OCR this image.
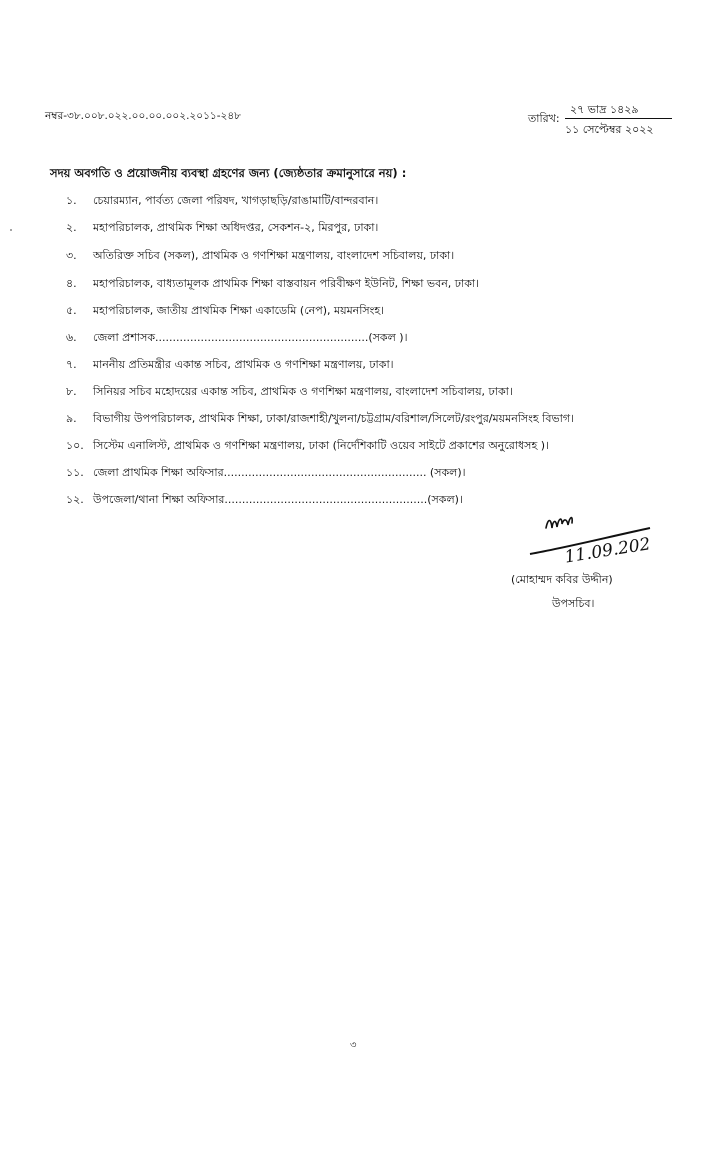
নম্বর-৩৮.০০৮.০২২.০০.০০.০০২.২০১১-২৪৮	তারিখ:
২৭ ভাদ্র ১৪২৯
১১ সেপ্টেম্বর ২০২২
সদয় অবগতি ও প্রয়োজনীয় ব্যবস্থা গ্রহণের জন্য (জ্যেষ্ঠতার ক্রমানুসারে নয়) :
১. চেয়ারম্যান, পার্বত্য জেলা পরিষদ, খাগড়াছড়ি/রাঙামাটি/বান্দরবান।
২. মহাপরিচালক, প্রাথমিক শিক্ষা অধিদপ্তর, সেকশন-২, মিরপুর, ঢাকা।
৩. অতিরিক্ত সচিব (সকল), প্রাথমিক ও গণশিক্ষা মন্ত্রণালয়, বাংলাদেশ সচিবালয়, ঢাকা।
৪. মহাপরিচালক, বাধ্যতামূলক প্রাথমিক শিক্ষা বাস্তবায়ন পরিবীক্ষণ ইউনিট, শিক্ষা ভবন, ঢাকা।
৫. মহাপরিচালক, জাতীয় প্রাথমিক শিক্ষা একাডেমি (নেপ), ময়মনসিংহ।
৬. জেলা প্রশাসক.............................................................(সকল )।
৭. মাননীয় প্রতিমন্ত্রীর একান্ত সচিব, প্রাথমিক ও গণশিক্ষা মন্ত্রণালয়, ঢাকা।
৮. সিনিয়র সচিব মহোদয়ের একান্ত সচিব, প্রাথমিক ও গণশিক্ষা মন্ত্রণালয়, বাংলাদেশ সচিবালয়, ঢাকা।
৯. বিভাগীয় উপপরিচালক, প্রাথমিক শিক্ষা, ঢাকা/রাজশাহী/খুলনা/চট্টগ্রাম/বরিশাল/সিলেট/রংপুর/ময়মনসিংহ বিভাগ।
১০. সিস্টেম এনালিস্ট, প্রাথমিক ও গণশিক্ষা মন্ত্রণালয়, ঢাকা (নির্দেশিকাটি ওয়েব সাইটে প্রকাশের অনুরোধসহ )।
১১. জেলা প্রাথমিক শিক্ষা অফিসার.......................................................... (সকল)।
১২. উপজেলা/থানা শিক্ষা অফিসার..........................................................(সকল)।
11.09.202
(মোহাম্মদ কবির উদ্দীন)
উপসচিব।
৩
